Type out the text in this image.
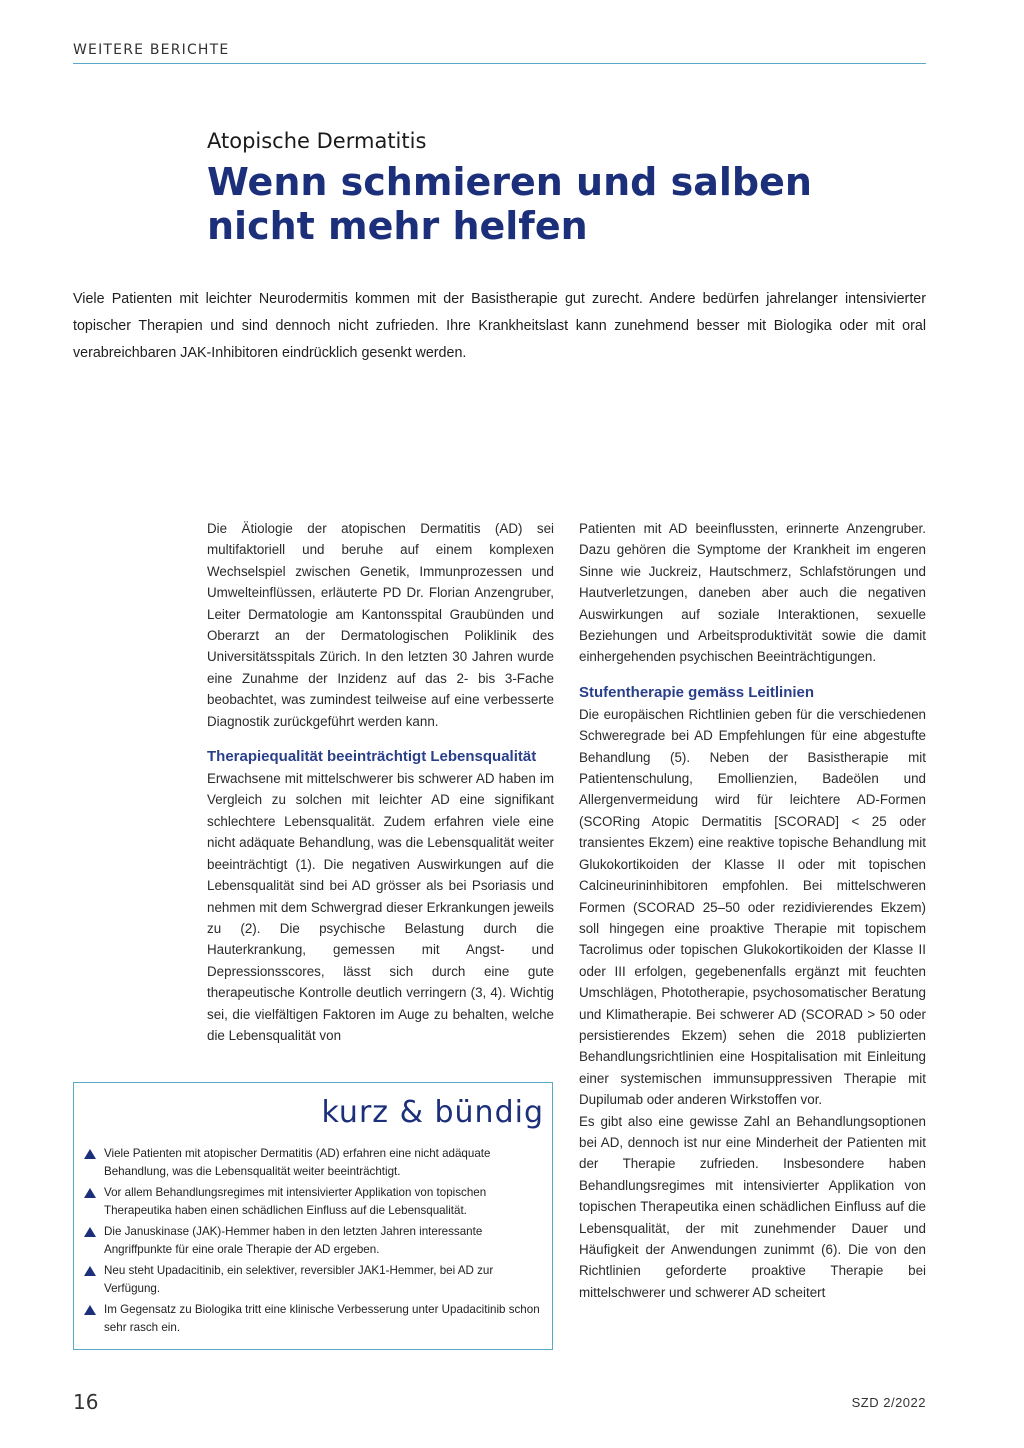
WEITERE BERICHTE
Atopische Dermatitis
Wenn schmieren und salben nicht mehr helfen

Viele Patienten mit leichter Neurodermitis kommen mit der Basistherapie gut zurecht. Andere bedürfen jahrelanger intensivierter topischer Therapien und sind dennoch nicht zufrieden. Ihre Krankheitslast kann zunehmend besser mit Biologika oder mit oral verabreichbaren JAK-Inhibitoren eindrücklich gesenkt werden.

Die Ätiologie der atopischen Dermatitis (AD) sei multifaktoriell und beruhe auf einem komplexen Wechselspiel zwischen Genetik, Immunprozessen und Umwelteinflüssen, erläuterte PD Dr. Florian Anzengruber, Leiter Dermatologie am Kantonsspital Graubünden und Oberarzt an der Dermatologischen Poliklinik des Universitätsspitals Zürich. In den letzten 30 Jahren wurde eine Zunahme der Inzidenz auf das 2- bis 3-Fache beobachtet, was zumindest teilweise auf eine verbesserte Diagnostik zurückgeführt werden kann.

Therapiequalität beeinträchtigt Lebensqualität

Erwachsene mit mittelschwerer bis schwerer AD haben im Vergleich zu solchen mit leichter AD eine signifikant schlechtere Lebensqualität. Zudem erfahren viele eine nicht adäquate Behandlung, was die Lebensqualität weiter beeinträchtigt (1). Die negativen Auswirkungen auf die Lebensqualität sind bei AD grösser als bei Psoriasis und nehmen mit dem Schwergrad dieser Erkrankungen jeweils zu (2). Die psychische Belastung durch die Hauterkrankung, gemessen mit Angst- und Depressionsscores, lässt sich durch eine gute therapeutische Kontrolle deutlich verringern (3, 4). Wichtig sei, die vielfältigen Faktoren im Auge zu behalten, welche die Lebensqualität von

Patienten mit AD beeinflussten, erinnerte Anzengruber. Dazu gehören die Symptome der Krankheit im engeren Sinne wie Juckreiz, Hautschmerz, Schlafstörungen und Hautverletzungen, daneben aber auch die negativen Auswirkungen auf soziale Interaktionen, sexuelle Beziehungen und Arbeitsproduktivität sowie die damit einhergehenden psychischen Beeinträchtigungen.

Stufentherapie gemäss Leitlinien

Die europäischen Richtlinien geben für die verschiedenen Schweregrade bei AD Empfehlungen für eine abgestufte Behandlung (5). Neben der Basistherapie mit Patientenschulung, Emollienzien, Badeölen und Allergenvermeidung wird für leichtere AD-Formen (SCORing Atopic Dermatitis [SCORAD] < 25 oder transientes Ekzem) eine reaktive topische Behandlung mit Glukokortikoiden der Klasse II oder mit topischen Calcineurininhibitoren empfohlen. Bei mittelschweren Formen (SCORAD 25–50 oder rezidivierendes Ekzem) soll hingegen eine proaktive Therapie mit topischem Tacrolimus oder topischen Glukokortikoiden der Klasse II oder III erfolgen, gegebenenfalls ergänzt mit feuchten Umschlägen, Phototherapie, psychosomatischer Beratung und Klimatherapie. Bei schwerer AD (SCORAD > 50 oder persistierendes Ekzem) sehen die 2018 publizierten Behandlungsrichtlinien eine Hospitalisation mit Einleitung einer systemischen immunsuppressiven Therapie mit Dupilumab oder anderen Wirkstoffen vor.

Es gibt also eine gewisse Zahl an Behandlungsoptionen bei AD, dennoch ist nur eine Minderheit der Patienten mit der Therapie zufrieden. Insbesondere haben Behandlungsregimes mit intensivierter Applikation von topischen Therapeutika einen schädlichen Einfluss auf die Lebensqualität, der mit zunehmender Dauer und Häufigkeit der Anwendungen zunimmt (6). Die von den Richtlinien geforderte proaktive Therapie bei mittelschwerer und schwerer AD scheitert

kurz & bündig
Viele Patienten mit atopischer Dermatitis (AD) erfahren eine nicht adäquate Behandlung, was die Lebensqualität weiter beeinträchtigt.
Vor allem Behandlungsregimes mit intensivierter Applikation von topischen Therapeutika haben einen schädlichen Einfluss auf die Lebensqualität.
Die Januskinase (JAK)-Hemmer haben in den letzten Jahren interessante Angriffpunkte für eine orale Therapie der AD ergeben.
Neu steht Upadacitinib, ein selektiver, reversibler JAK1-Hemmer, bei AD zur Verfügung.
Im Gegensatz zu Biologika tritt eine klinische Verbesserung unter Upadacitinib schon sehr rasch ein.
16	SZD 2/2022
